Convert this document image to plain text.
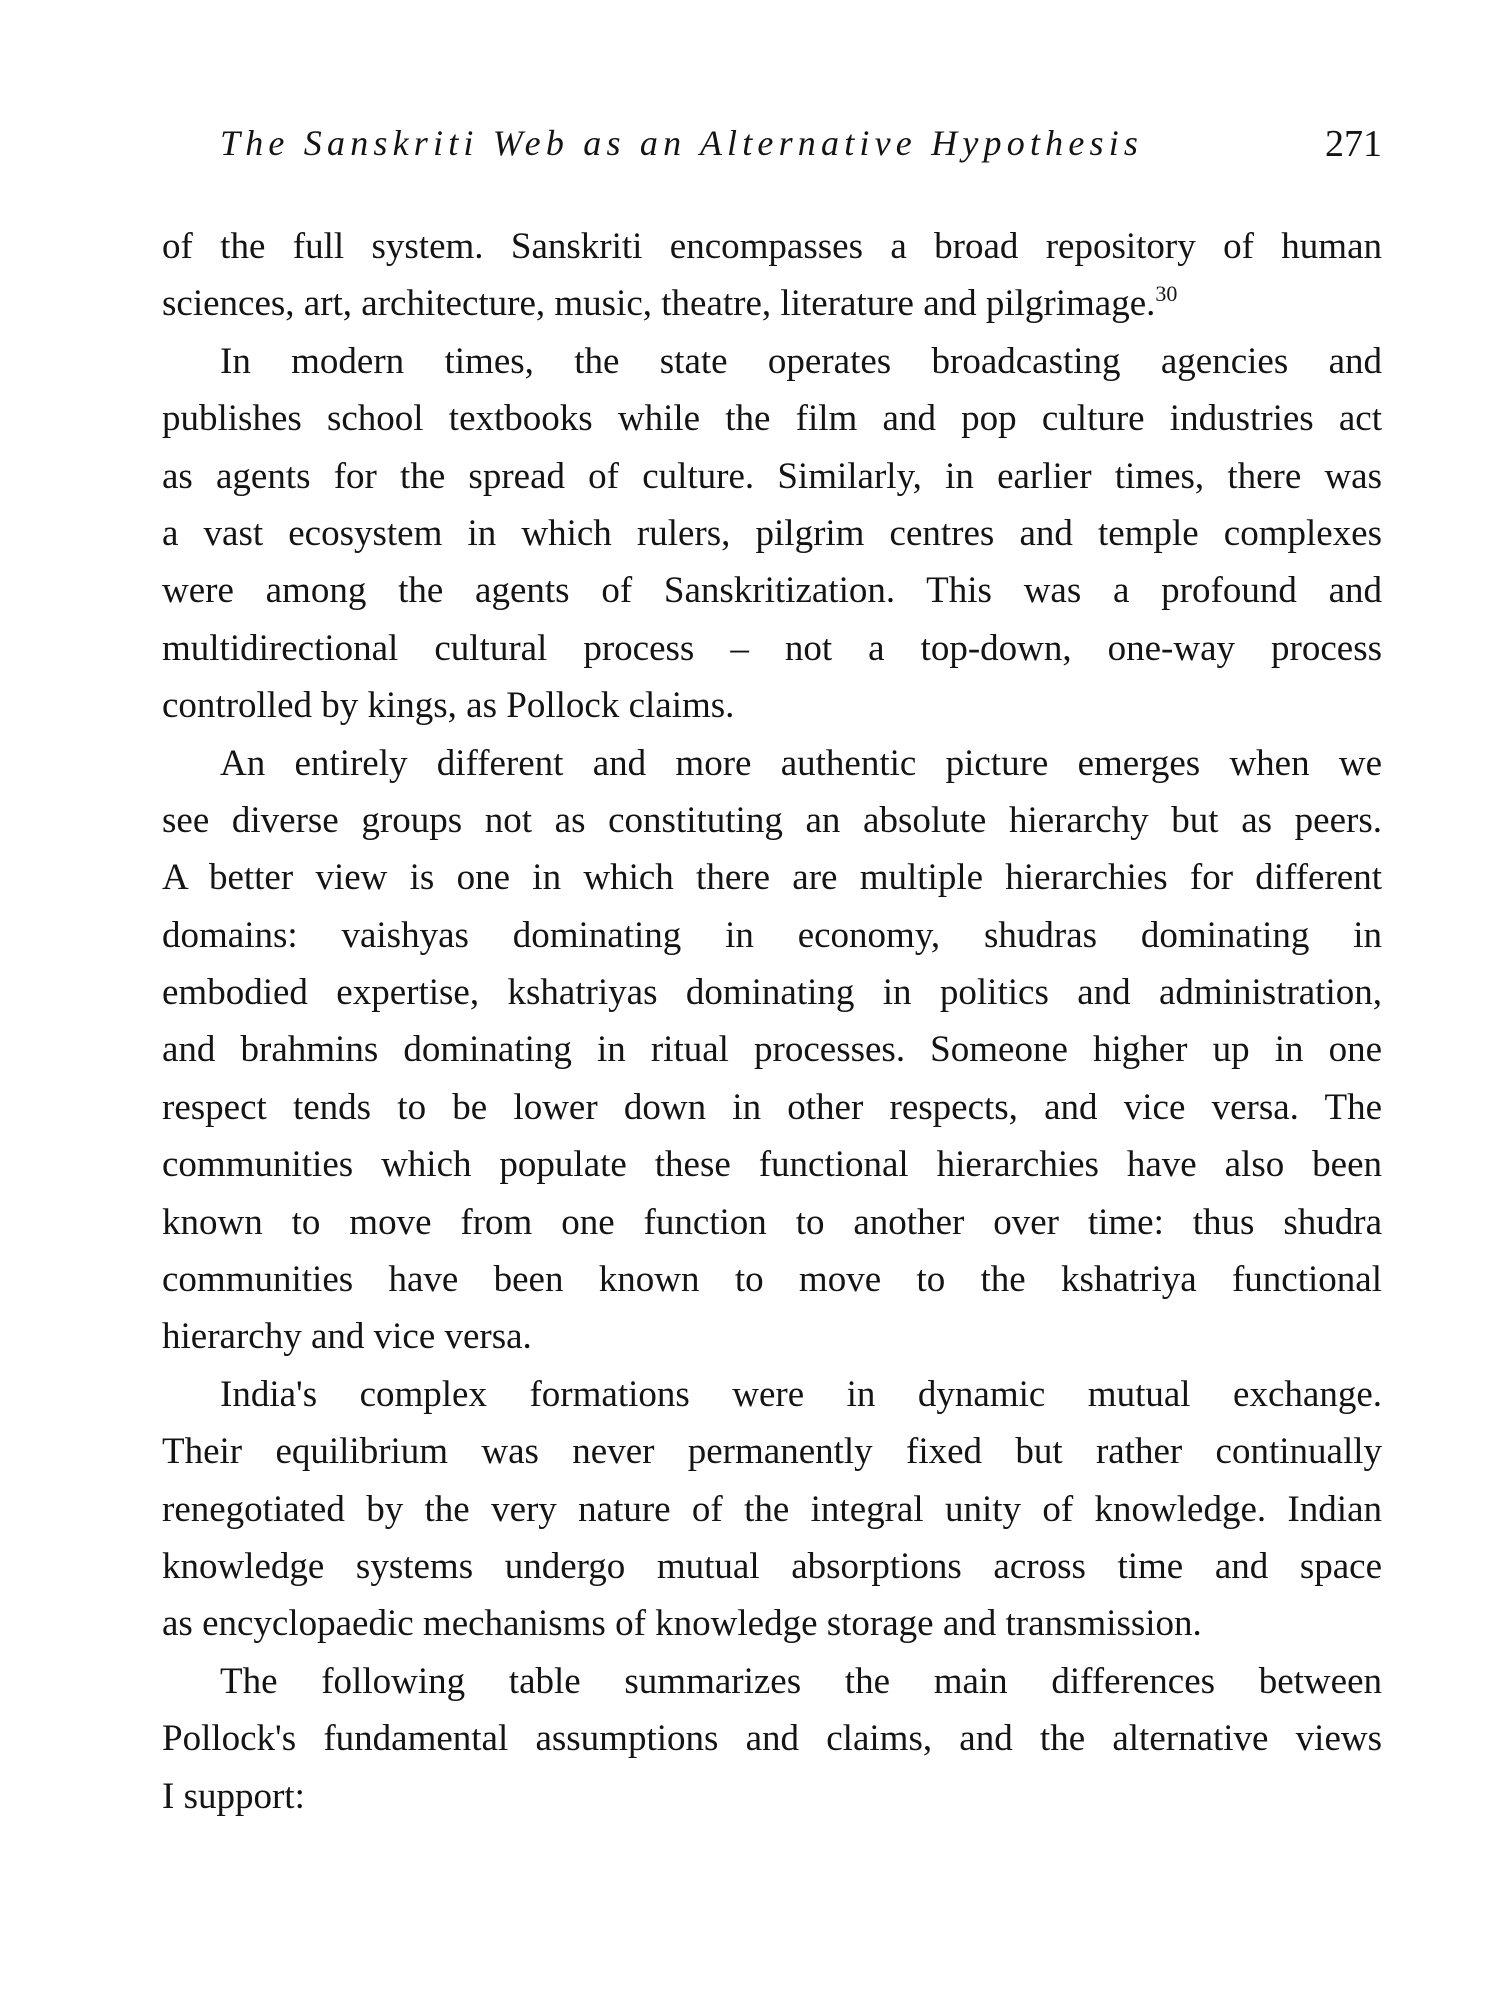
The Sanskriti Web as an Alternative Hypothesis	271
of the full system. Sanskriti encompasses a broad repository of human
sciences, art, architecture, music, theatre, literature and pilgrimage.$^{30}$
In modern times, the state operates broadcasting agencies and
publishes school textbooks while the film and pop culture industries act
as agents for the spread of culture. Similarly, in earlier times, there was
a vast ecosystem in which rulers, pilgrim centres and temple complexes
were among the agents of Sanskritization. This was a profound and
multidirectional cultural process – not a top-down, one-way process
controlled by kings, as Pollock claims.
An entirely different and more authentic picture emerges when we
see diverse groups not as constituting an absolute hierarchy but as peers.
A better view is one in which there are multiple hierarchies for different
domains: vaishyas dominating in economy, shudras dominating in
embodied expertise, kshatriyas dominating in politics and administration,
and brahmins dominating in ritual processes. Someone higher up in one
respect tends to be lower down in other respects, and vice versa. The
communities which populate these functional hierarchies have also been
known to move from one function to another over time: thus shudra
communities have been known to move to the kshatriya functional
hierarchy and vice versa.
India's complex formations were in dynamic mutual exchange.
Their equilibrium was never permanently fixed but rather continually
renegotiated by the very nature of the integral unity of knowledge. Indian
knowledge systems undergo mutual absorptions across time and space
as encyclopaedic mechanisms of knowledge storage and transmission.
The following table summarizes the main differences between
Pollock's fundamental assumptions and claims, and the alternative views
I support:
